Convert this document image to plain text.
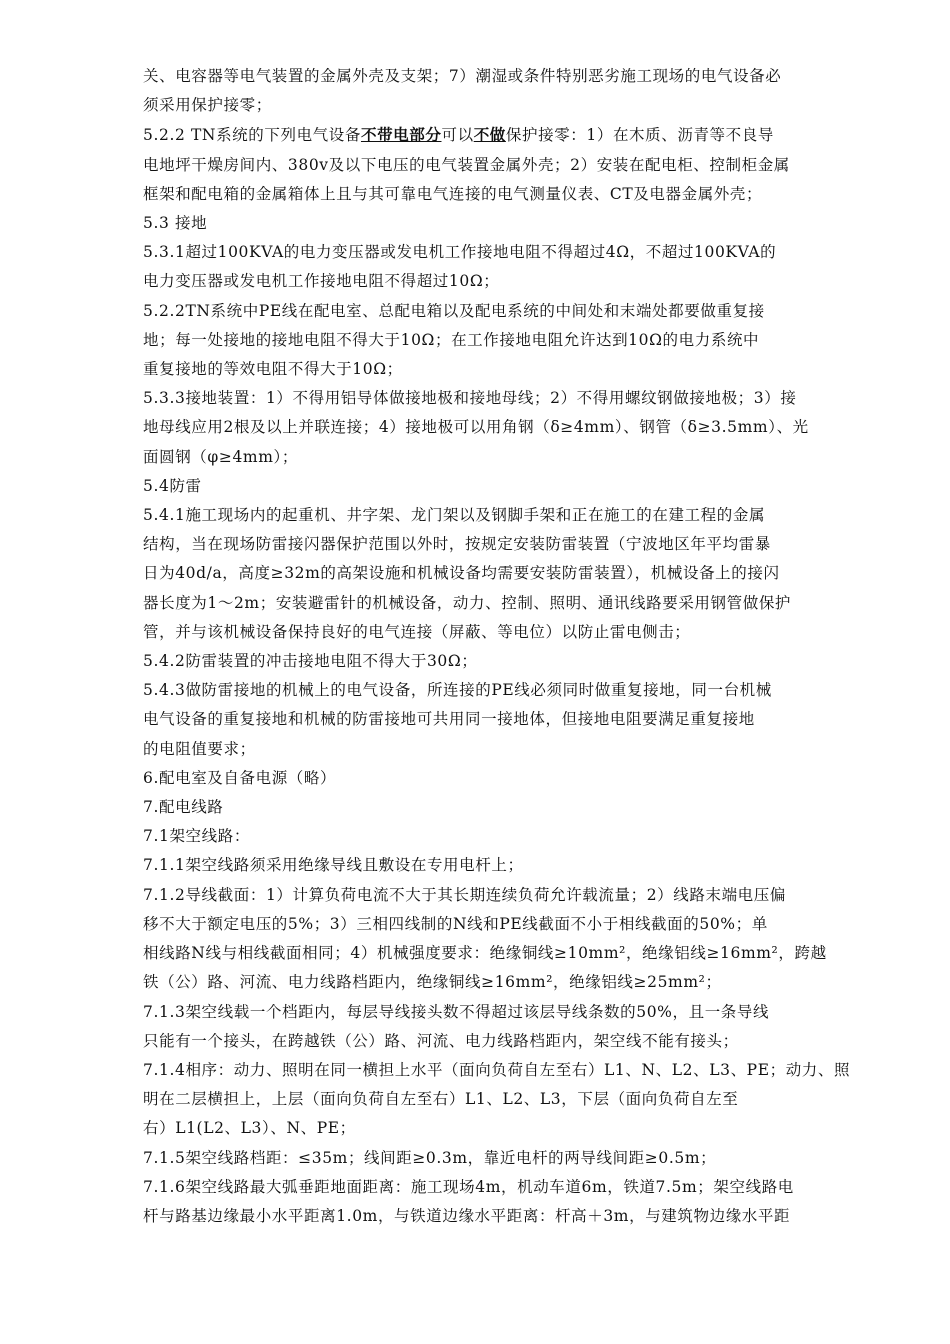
关、电容器等电气装置的金属外壳及支架；7）潮湿或条件特别恶劣施工现场的电气设备必
须采用保护接零；
5.2.2 TN系统的下列电气设备不带电部分可以不做保护接零：1）在木质、沥青等不良导
电地坪干燥房间内、380v及以下电压的电气装置金属外壳；2）安装在配电柜、控制柜金属
框架和配电箱的金属箱体上且与其可靠电气连接的电气测量仪表、CT及电器金属外壳；
5.3 接地
5.3.1超过100KVA的电力变压器或发电机工作接地电阻不得超过4Ω，不超过100KVA的
电力变压器或发电机工作接地电阻不得超过10Ω；
5.2.2TN系统中PE线在配电室、总配电箱以及配电系统的中间处和末端处都要做重复接
地；每一处接地的接地电阻不得大于10Ω；在工作接地电阻允许达到10Ω的电力系统中
重复接地的等效电阻不得大于10Ω；
5.3.3接地装置：1）不得用铝导体做接地极和接地母线；2）不得用螺纹钢做接地极；3）接
地母线应用2根及以上并联连接；4）接地极可以用角钢（δ≥4mm）、钢管（δ≥3.5mm）、光
面圆钢（φ≥4mm）；
5.4防雷
5.4.1施工现场内的起重机、井字架、龙门架以及钢脚手架和正在施工的在建工程的金属
结构，当在现场防雷接闪器保护范围以外时，按规定安装防雷装置（宁波地区年平均雷暴
日为40d/a，高度≥32m的高架设施和机械设备均需要安装防雷装置），机械设备上的接闪
器长度为1～2m；安装避雷针的机械设备，动力、控制、照明、通讯线路要采用钢管做保护
管，并与该机械设备保持良好的电气连接（屏蔽、等电位）以防止雷电侧击；
5.4.2防雷装置的冲击接地电阻不得大于30Ω；
5.4.3做防雷接地的机械上的电气设备，所连接的PE线必须同时做重复接地，同一台机械
电气设备的重复接地和机械的防雷接地可共用同一接地体，但接地电阻要满足重复接地
的电阻值要求；
6.配电室及自备电源（略）
7.配电线路
7.1架空线路：
7.1.1架空线路须采用绝缘导线且敷设在专用电杆上；
7.1.2导线截面：1）计算负荷电流不大于其长期连续负荷允许载流量；2）线路末端电压偏
移不大于额定电压的5%；3）三相四线制的N线和PE线截面不小于相线截面的50%；单
相线路N线与相线截面相同；4）机械强度要求：绝缘铜线≥10mm²，绝缘铝线≥16mm²，跨越
铁（公）路、河流、电力线路档距内，绝缘铜线≥16mm²，绝缘铝线≥25mm²；
7.1.3架空线载一个档距内，每层导线接头数不得超过该层导线条数的50%，且一条导线
只能有一个接头，在跨越铁（公）路、河流、电力线路档距内，架空线不能有接头；
7.1.4相序：动力、照明在同一横担上水平（面向负荷自左至右）L1、N、L2、L3、PE；动力、照
明在二层横担上，上层（面向负荷自左至右）L1、L2、L3，下层（面向负荷自左至
右）L1(L2、L3）、N、PE；
7.1.5架空线路档距：≤35m；线间距≥0.3m，靠近电杆的两导线间距≥0.5m；
7.1.6架空线路最大弧垂距地面距离：施工现场4m，机动车道6m，铁道7.5m；架空线路电
杆与路基边缘最小水平距离1.0m，与铁道边缘水平距离：杆高＋3m，与建筑物边缘水平距
